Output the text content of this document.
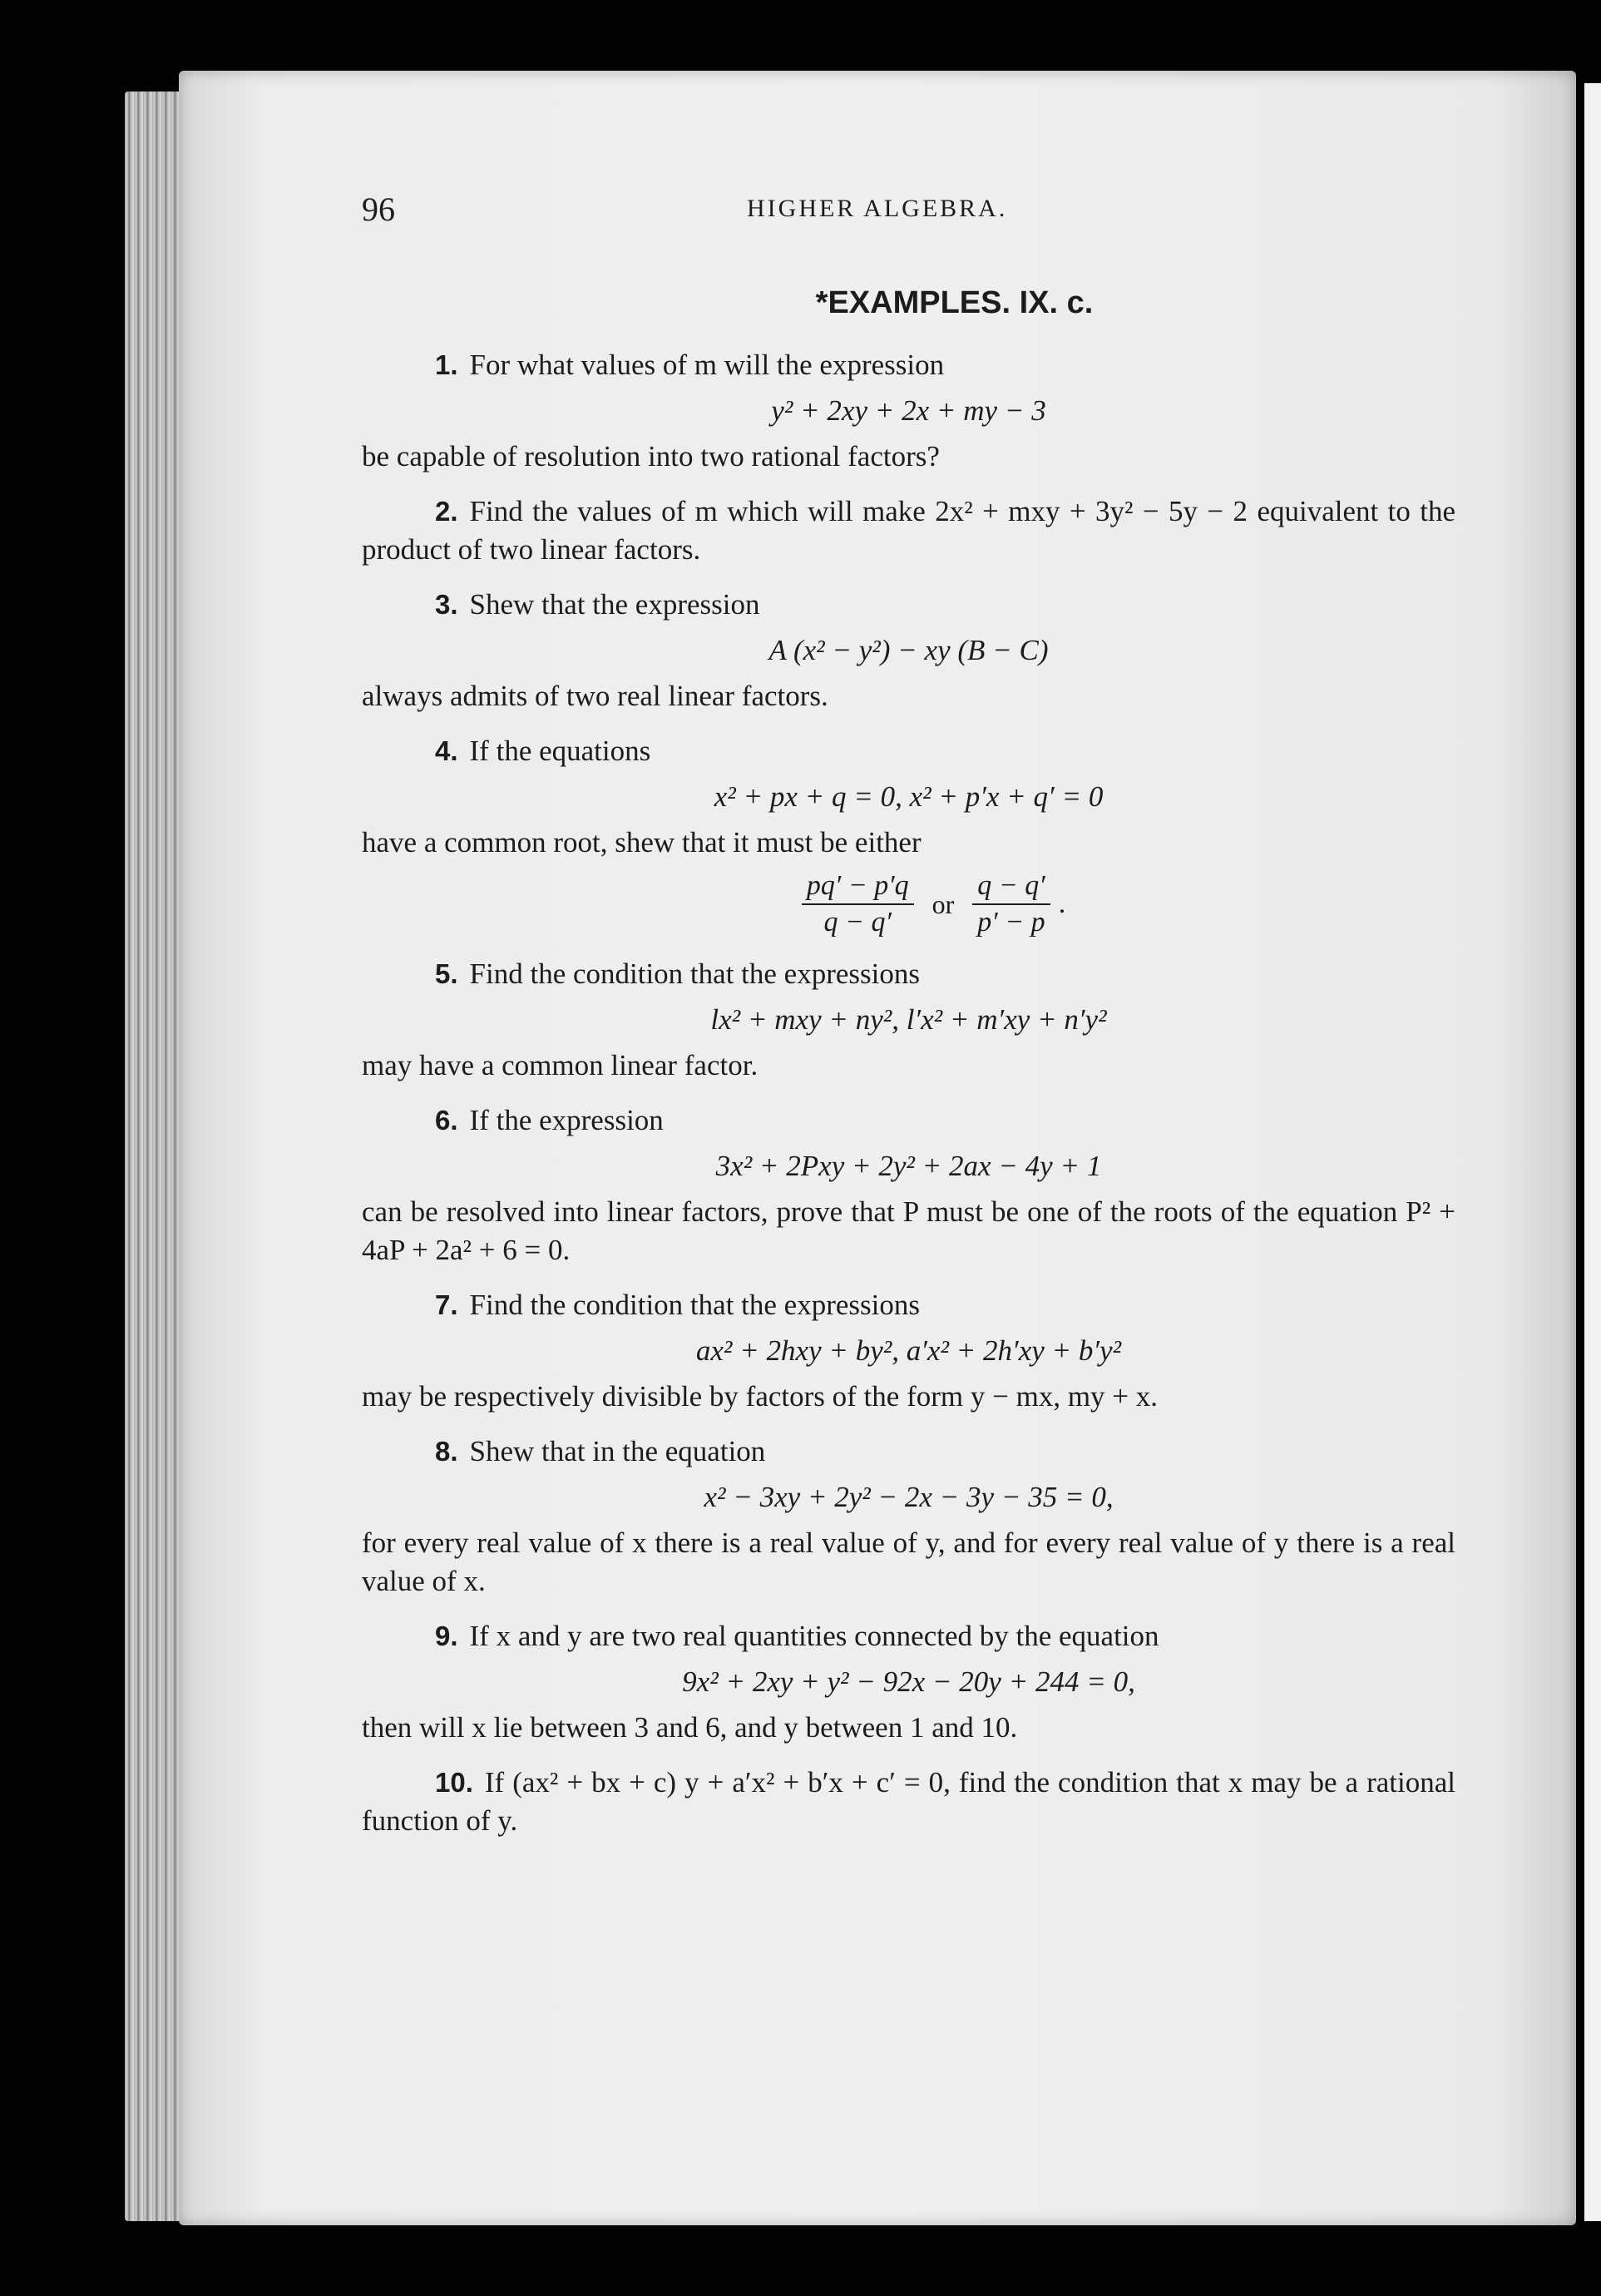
96	HIGHER ALGEBRA.
*EXAMPLES. IX. c.

1. For what values of m will the expression

y² + 2xy + 2x + my − 3

be capable of resolution into two rational factors?

2. Find the values of m which will make 2x² + mxy + 3y² − 5y − 2 equivalent to the product of two linear factors.

3. Shew that the expression

A (x² − y²) − xy (B − C)

always admits of two real linear factors.

4. If the equations

x² + px + q = 0, x² + p′x + q′ = 0

have a common root, shew that it must be either

$\frac{pq' - p'q}{q - q'}$ or $\frac{q - q'}{p' - p}$ .

5. Find the condition that the expressions

lx² + mxy + ny², l′x² + m′xy + n′y²

may have a common linear factor.

6. If the expression

3x² + 2Pxy + 2y² + 2ax − 4y + 1

can be resolved into linear factors, prove that P must be one of the roots of the equation P² + 4aP + 2a² + 6 = 0.

7. Find the condition that the expressions

ax² + 2hxy + by², a′x² + 2h′xy + b′y²

may be respectively divisible by factors of the form y − mx, my + x.

8. Shew that in the equation

x² − 3xy + 2y² − 2x − 3y − 35 = 0,

for every real value of x there is a real value of y, and for every real value of y there is a real value of x.

9. If x and y are two real quantities connected by the equation

9x² + 2xy + y² − 92x − 20y + 244 = 0,

then will x lie between 3 and 6, and y between 1 and 10.

10. If (ax² + bx + c) y + a′x² + b′x + c′ = 0, find the condition that x may be a rational function of y.
